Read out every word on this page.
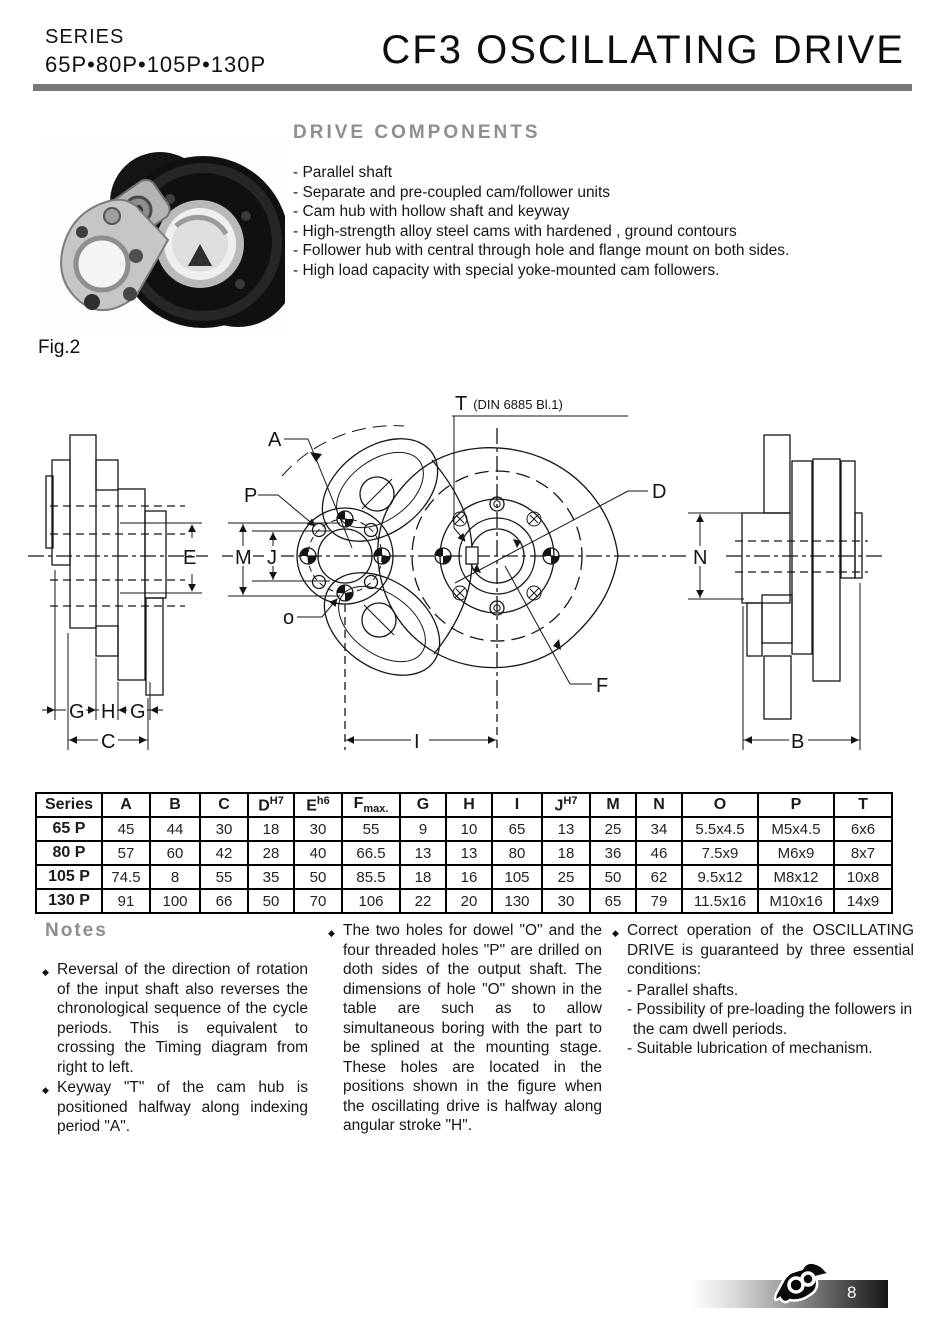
SERIES
65P•80P•105P•130P	CF3 OSCILLATING DRIVE
DRIVE COMPONENTS
- Parallel shaft
- Separate and pre-coupled cam/follower units
- Cam hub with hollow shaft and keyway
- High-strength alloy steel cams with hardened , ground contours
- Follower hub with central through hole and flange mount on both sides.
- High load capacity with special yoke-mounted cam followers.
Fig.2
E
G H G
C
A
P
o
M J
T (DIN 6885 Bl.1)
D
F
I
N
B
Series	A	B	C	$D^{H7}$	$E^{h6}$	$F_{max.}$	G	H	I	$J^{H7}$	M	N	O	P	T
65 P	45	44	30	18	30	55	9	10	65	13	25	34	5.5x4.5	M5x4.5	6x6
80 P	57	60	42	28	40	66.5	13	13	80	18	36	46	7.5x9	M6x9	8x7
105 P	74.5	8	55	35	50	85.5	18	16	105	25	50	62	9.5x12	M8x12	10x8
130 P	91	100	66	50	70	106	22	20	130	30	65	79	11.5x16	M10x16	14x9
Notes

◆ Reversal of the direction of rotation of the input shaft also reverses the chronological sequence of the cycle periods. This is equivalent to crossing the Timing diagram from right to left.

◆ Keyway "T" of the cam hub is positioned halfway along indexing period "A".

◆ The two holes for dowel "O" and the four threaded holes "P" are drilled on doth sides of the output shaft. The dimensions of hole "O" shown in the table are such as to allow simultaneous boring with the part to be splined at the mounting stage. These holes are located in the positions shown in the figure when the oscillating drive is halfway along angular stroke "H".

◆ Correct operation of the OSCILLATING DRIVE is guaranteed by three essential conditions:

- Parallel shafts.
- Possibility of pre-loading the followers in the cam dwell periods.
- Suitable lubrication of mechanism.
8
